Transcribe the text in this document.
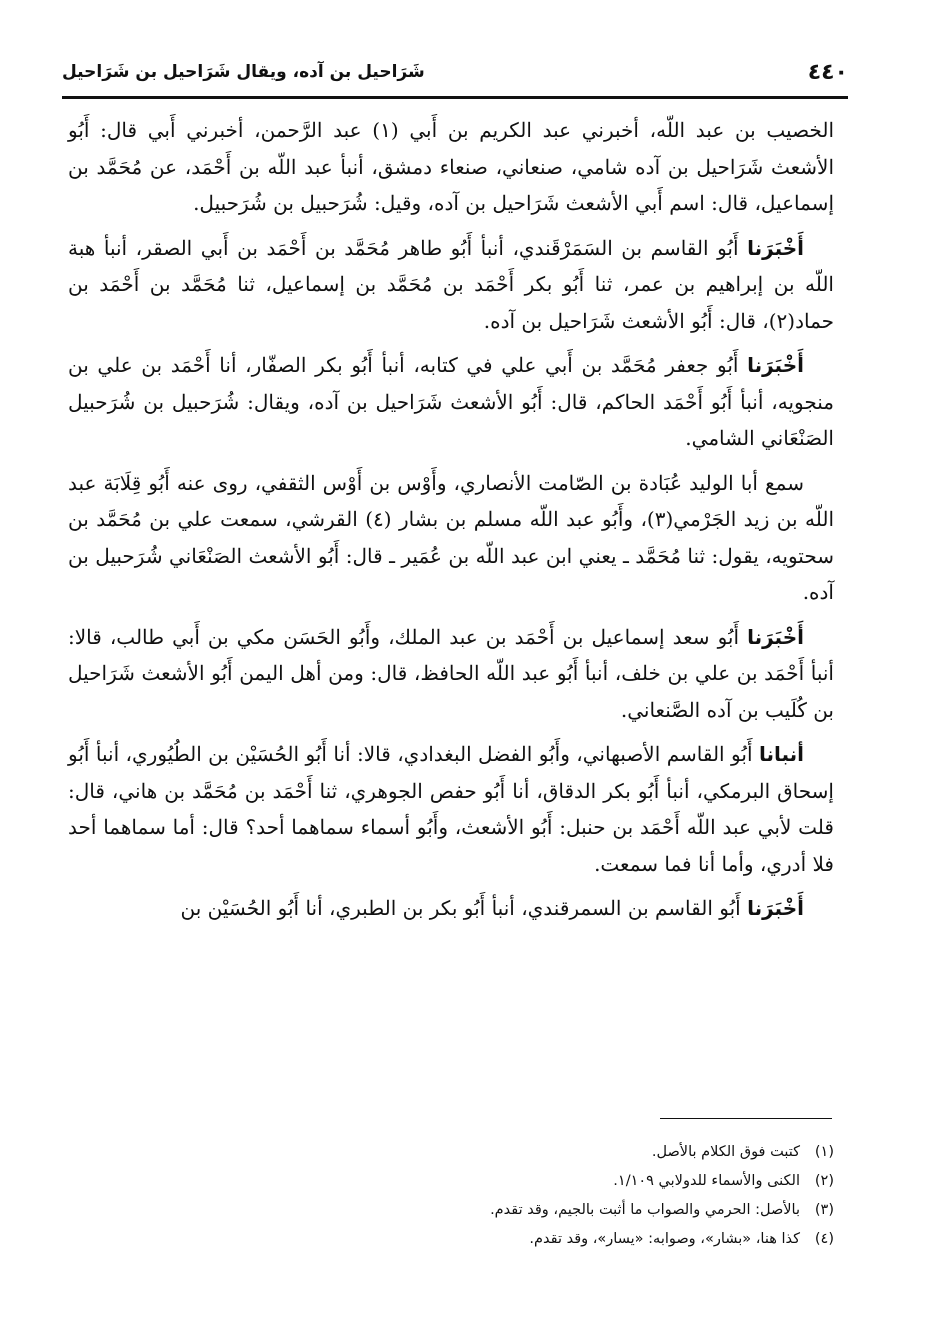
٤٤٠
شَرَاحيل بن آده، ويقال شَرَاحيل بن شَرَاحيل

الخصيب بن عبد اللّه، أخبرني عبد الكريم بن أَبي (١) عبد الرَّحمن، أخبرني أَبي قال: أَبُو الأشعث شَرَاحيل بن آده شامي، صنعاني، صنعاء دمشق، أنبأ عبد اللّه بن أَحْمَد، عن مُحَمَّد بن إسماعيل، قال: اسم أَبي الأشعث شَرَاحيل بن آده، وقيل: شُرَحبيل بن شُرَحبيل.

أَخْبَرَنا أَبُو القاسم بن السَمَرْقَندي، أنبأ أَبُو طاهر مُحَمَّد بن أَحْمَد بن أَبي الصقر، أنبأ هبة اللّه بن إبراهيم بن عمر، ثنا أَبُو بكر أَحْمَد بن مُحَمَّد بن إسماعيل، ثنا مُحَمَّد بن أَحْمَد بن حماد(٢)، قال: أَبُو الأشعث شَرَاحيل بن آده.

أَخْبَرَنا أَبُو جعفر مُحَمَّد بن أَبي علي في كتابه، أنبأ أَبُو بكر الصفّار، أنا أَحْمَد بن علي بن منجويه، أنبأ أَبُو أَحْمَد الحاكم، قال: أَبُو الأشعث شَرَاحيل بن آده، ويقال: شُرَحبيل بن شُرَحبيل الصَنْعَاني الشامي.

سمع أبا الوليد عُبَادة بن الصّامت الأنصاري، وأَوْس بن أَوْس الثقفي، روى عنه أَبُو قِلَابَة عبد اللّه بن زيد الجَرْمي(٣)، وأَبُو عبد اللّه مسلم بن بشار (٤) القرشي، سمعت علي بن مُحَمَّد بن سحتويه، يقول: ثنا مُحَمَّد ـ يعني ابن عبد اللّه بن عُمَير ـ قال: أَبُو الأشعث الصَنْعَاني شُرَحبيل بن آده.

أَخْبَرَنا أَبُو سعد إسماعيل بن أَحْمَد بن عبد الملك، وأَبُو الحَسَن مكي بن أَبي طالب، قالا: أنبأ أَحْمَد بن علي بن خلف، أنبأ أَبُو عبد اللّه الحافظ، قال: ومن أهل اليمن أَبُو الأشعث شَرَاحيل بن كُلَيب بن آده الصَّنعاني.

أنبانا أَبُو القاسم الأصبهاني، وأَبُو الفضل البغدادي، قالا: أنا أَبُو الحُسَيْن بن الطُيُوري، أنبأ أَبُو إسحاق البرمكي، أنبأ أَبُو بكر الدقاق، أنا أَبُو حفص الجوهري، ثنا أَحْمَد بن مُحَمَّد بن هاني، قال: قلت لأبي عبد اللّه أَحْمَد بن حنبل: أَبُو الأشعث، وأَبُو أسماء سماهما أحد؟ قال: أما سماهما أحد فلا أدري، وأما أنا فما سمعت.

أَخْبَرَنا أَبُو القاسم بن السمرقندي، أنبأ أَبُو بكر بن الطبري، أنا أَبُو الحُسَيْن بن

(١)كتبت فوق الكلام بالأصل.
(٢)الكنى والأسماء للدولابي ١/١٠٩.
(٣)بالأصل: الحرمي والصواب ما أثبت بالجيم، وقد تقدم.
(٤)كذا هنا، «بشار»، وصوابه: «يسار»، وقد تقدم.
